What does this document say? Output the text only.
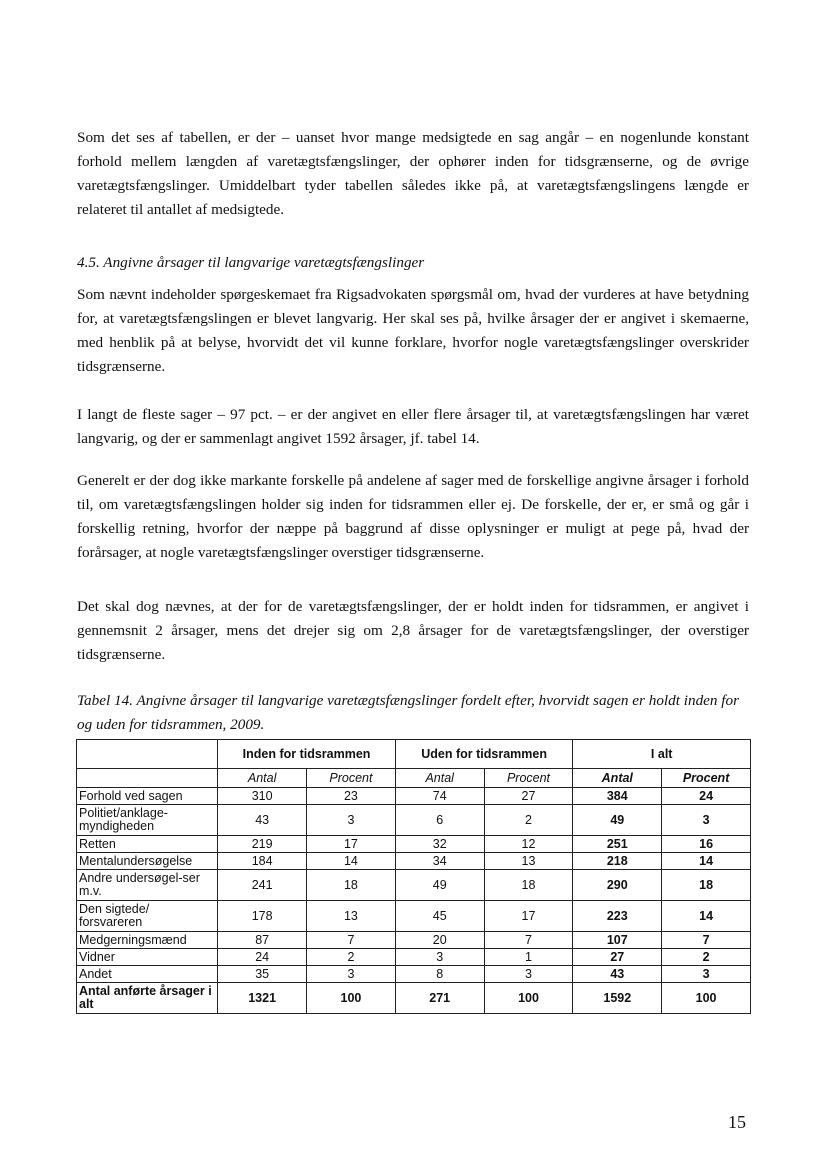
Som det ses af tabellen, er der – uanset hvor mange medsigtede en sag angår – en nogenlunde konstant forhold mellem længden af varetægtsfængslinger, der ophører inden for tidsgrænserne, og de øvrige varetægtsfængslinger. Umiddelbart tyder tabellen således ikke på, at varetægtsfængslingens længde er relateret til antallet af medsigtede.
4.5. Angivne årsager til langvarige varetægtsfængslinger
Som nævnt indeholder spørgeskemaet fra Rigsadvokaten spørgsmål om, hvad der vurderes at have betydning for, at varetægtsfængslingen er blevet langvarig. Her skal ses på, hvilke årsager der er angivet i skemaerne, med henblik på at belyse, hvorvidt det vil kunne forklare, hvorfor nogle varetægtsfængslinger overskrider tidsgrænserne.
I langt de fleste sager – 97 pct. – er der angivet en eller flere årsager til, at varetægtsfængslingen har været langvarig, og der er sammenlagt angivet 1592 årsager, jf. tabel 14.
Generelt er der dog ikke markante forskelle på andelene af sager med de forskellige angivne årsager i forhold til, om varetægtsfængslingen holder sig inden for tidsrammen eller ej. De forskelle, der er, er små og går i forskellig retning, hvorfor der næppe på baggrund af disse oplysninger er muligt at pege på, hvad der forårsager, at nogle varetægtsfængslinger overstiger tidsgrænserne.
Det skal dog nævnes, at der for de varetægtsfængslinger, der er holdt inden for tidsrammen, er angivet i gennemsnit 2 årsager, mens det drejer sig om 2,8 årsager for de varetægtsfængslinger, der overstiger tidsgrænserne.
Tabel 14. Angivne årsager til langvarige varetægtsfængslinger fordelt efter, hvorvidt sagen er holdt inden for og uden for tidsrammen, 2009.
	Inden for tidsrammen		Uden for tidsrammen		I alt	
	Antal	Procent	Antal	Procent	Antal	Procent
Forhold ved sagen	310	23	74	27	384	24
Politiet/anklage-myndigheden	43	3	6	2	49	3
Retten	219	17	32	12	251	16
Mentalundersøgelse	184	14	34	13	218	14
Andre undersøgel-ser m.v.	241	18	49	18	290	18
Den sigtede/ forsvareren	178	13	45	17	223	14
Medgerningsmænd	87	7	20	7	107	7
Vidner	24	2	3	1	27	2
Andet	35	3	8	3	43	3
Antal anførte årsager i alt	1321	100	271	100	1592	100
15
